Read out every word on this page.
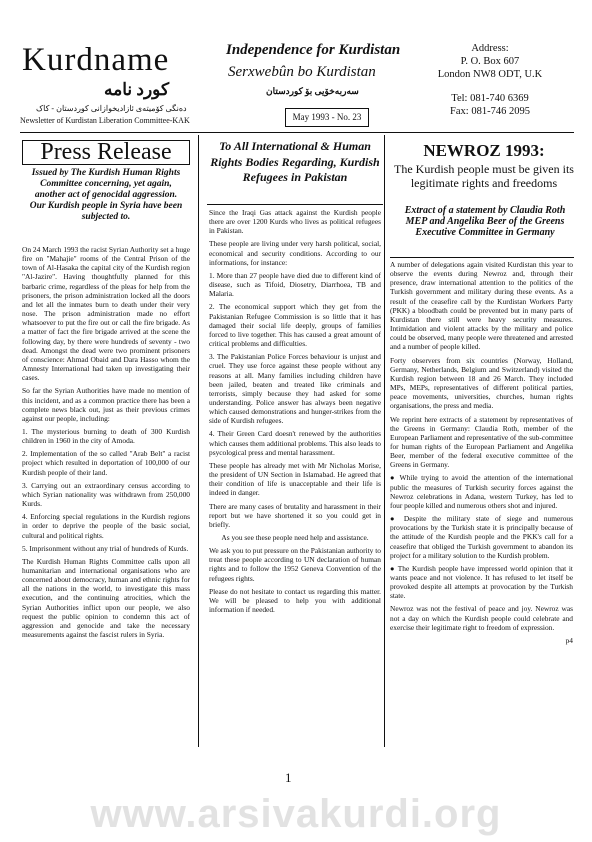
Kurdname
كورد نامه
دەنگی کۆمیتەی ئازادیخوازانی کوردستان - کاک
Newsletter of Kurdistan Liberation Committee-KAK
Independence for Kurdistan
Serxwebûn bo Kurdistan
سەربەخۆیی بۆ کوردستان
May 1993 - No. 23
Address:
P. O. Box 607
London NW8 ODT, U.K
Tel: 081-740 6369
Fax: 081-746 2095
Press Release
Issued by The Kurdish Human Rights Committee concerning, yet again, another act of genocidal aggression. Our Kurdish people in Syria have been subjected to.

On 24 March 1993 the racist Syrian Authority set a huge fire on "Mahajie" rooms of the Central Prison of the town of Al-Hasaka the capital city of the Kurdish region "Al-Jazire". Having thoughtfully planned for this barbaric crime, regardless of the pleas for help from the prisoners, the prison administration locked all the doors and let all the inmates burn to death under their very nose. The prison administration made no effort whatsoever to put the fire out or call the fire brigade. As a matter of fact the fire brigade arrived at the scene the following day, by there were hundreds of seventy - two dead. Amongst the dead were two prominent prisoners of conscience: Ahmad Obaid and Dara Hasso whom the Amnesty International had taken up investigating their cases.

So far the Syrian Authorities have made no mention of this incident, and as a common practice there has been a complete news black out, just as their previous crimes against our people, including:

1. The mysterious burning to death of 300 Kurdish children in 1960 in the city of Amoda.

2. Implementation of the so called "Arab Belt" a racist project which resulted in deportation of 100,000 of our Kurdish people of their land.

3. Carrying out an extraordinary census according to which Syrian nationality was withdrawn from 250,000 Kurds.

4. Enforcing special regulations in the Kurdish regions in order to deprive the people of the basic social, cultural and political rights.

5. Imprisonment without any trial of hundreds of Kurds.

The Kurdish Human Rights Committee calls upon all humanitarian and international organisations who are concerned about democracy, human and ethnic rights for all the nations in the world, to investigate this mass execution, and the continuing atrocities, which the Syrian Authorities inflict upon our people, we also request the public opinion to condemn this act of aggression and genocide and take the necessary measurements against the fascist rulers in Syria.

To All International & Human Rights Bodies Regarding, Kurdish Refugees in Pakistan

Since the Iraqi Gas attack against the Kurdish people there are over 1200 Kurds who lives as political refugees in Pakistan.

These people are living under very harsh political, social, economical and security conditions. According to our informations, for instance:

1. More than 27 people have died due to different kind of disease, such as Tifoid, Diosetry, Diarrhoea, TB and Malaria.

2. The economical support which they get from the Pakistanian Refugee Commission is so little that it has damaged their social life deeply, groups of families forced to live together. This has caused a great amount of critical problems and difficulties.

3. The Pakistanian Police Forces behaviour is unjust and cruel. They use force against these people without any reasons at all. Many families including children have been jailed, beaten and treated like criminals and terrorists, simply because they had asked for some understanding. Police answer has always been negative which caused demonstrations and hunger-strikes from the side of Kurdish refugees.

4. Their Green Card doesn't renewed by the authorities which causes them additional problems. This also leads to psycological press and mental harassment.

These people has already met with Mr Nicholas Morise, the president of UN Section in Islamabad. He agreed that their condition of life is unacceptable and their life is indeed in danger.

There are many cases of brutality and harassment in their report but we have shortened it so you could get in briefly.

As you see these people need help and assistance.

We ask you to put pressure on the Pakistanian authority to treat these people according to UN declaration of human rights and to follow the 1952 Geneva Convention of the refugees rights.

Please do not hesitate to contact us regarding this matter. We will be pleased to help you with additional information if needed.

NEWROZ 1993:
The Kurdish people must be given its legitimate rights and freedoms
Extract of a statement by Claudia Roth MEP and Angelika Beer of the Greens Executive Committee in Germany

A number of delegations again visited Kurdistan this year to observe the events during Newroz and, through their presence, draw international attention to the politics of the Turkish government and military during these events. As a result of the ceasefire call by the Kurdistan Workers Party (PKK) a bloodbath could be prevented but in many parts of Kurdistan there still were heavy security measures. Intimidation and violent attacks by the military and police could be observed, many people were threatened and arrested and a number of people killed.

Forty observers from six countries (Norway, Holland, Germany, Netherlands, Belgium and Switzerland) visited the Kurdish region between 18 and 26 March. They included MPs, MEPs, representatives of different political parties, peace movements, universities, churches, human rights organisations, the press and media.

We reprint here extracts of a statement by representatives of the Greens in Germany: Claudia Roth, member of the European Parliament and representative of the sub-committee for human rights of the European Parliament and Angelika Beer, member of the federal executive committee of the Greens in Germany.

● While trying to avoid the attention of the international public the measures of Turkish security forces against the Newroz celebrations in Adana, western Turkey, has led to four people killed and numerous others shot and injured.

● Despite the military state of siege and numerous provocations by the Turkish state it is principally because of the attitude of the Kurdish people and the PKK's call for a ceasefire that obliged the Turkish government to abandon its project for a military solution to the Kurdish problem.

● The Kurdish people have impressed world opinion that it wants peace and not violence. It has refused to let itself be provoked despite all attempts at provocation by the Turkish state.

Newroz was not the festival of peace and joy. Newroz was not a day on which the Kurdish people could celebrate and exercise their legitimate right to freedom of expression.

p4
1
www.arsivakurdi.org
